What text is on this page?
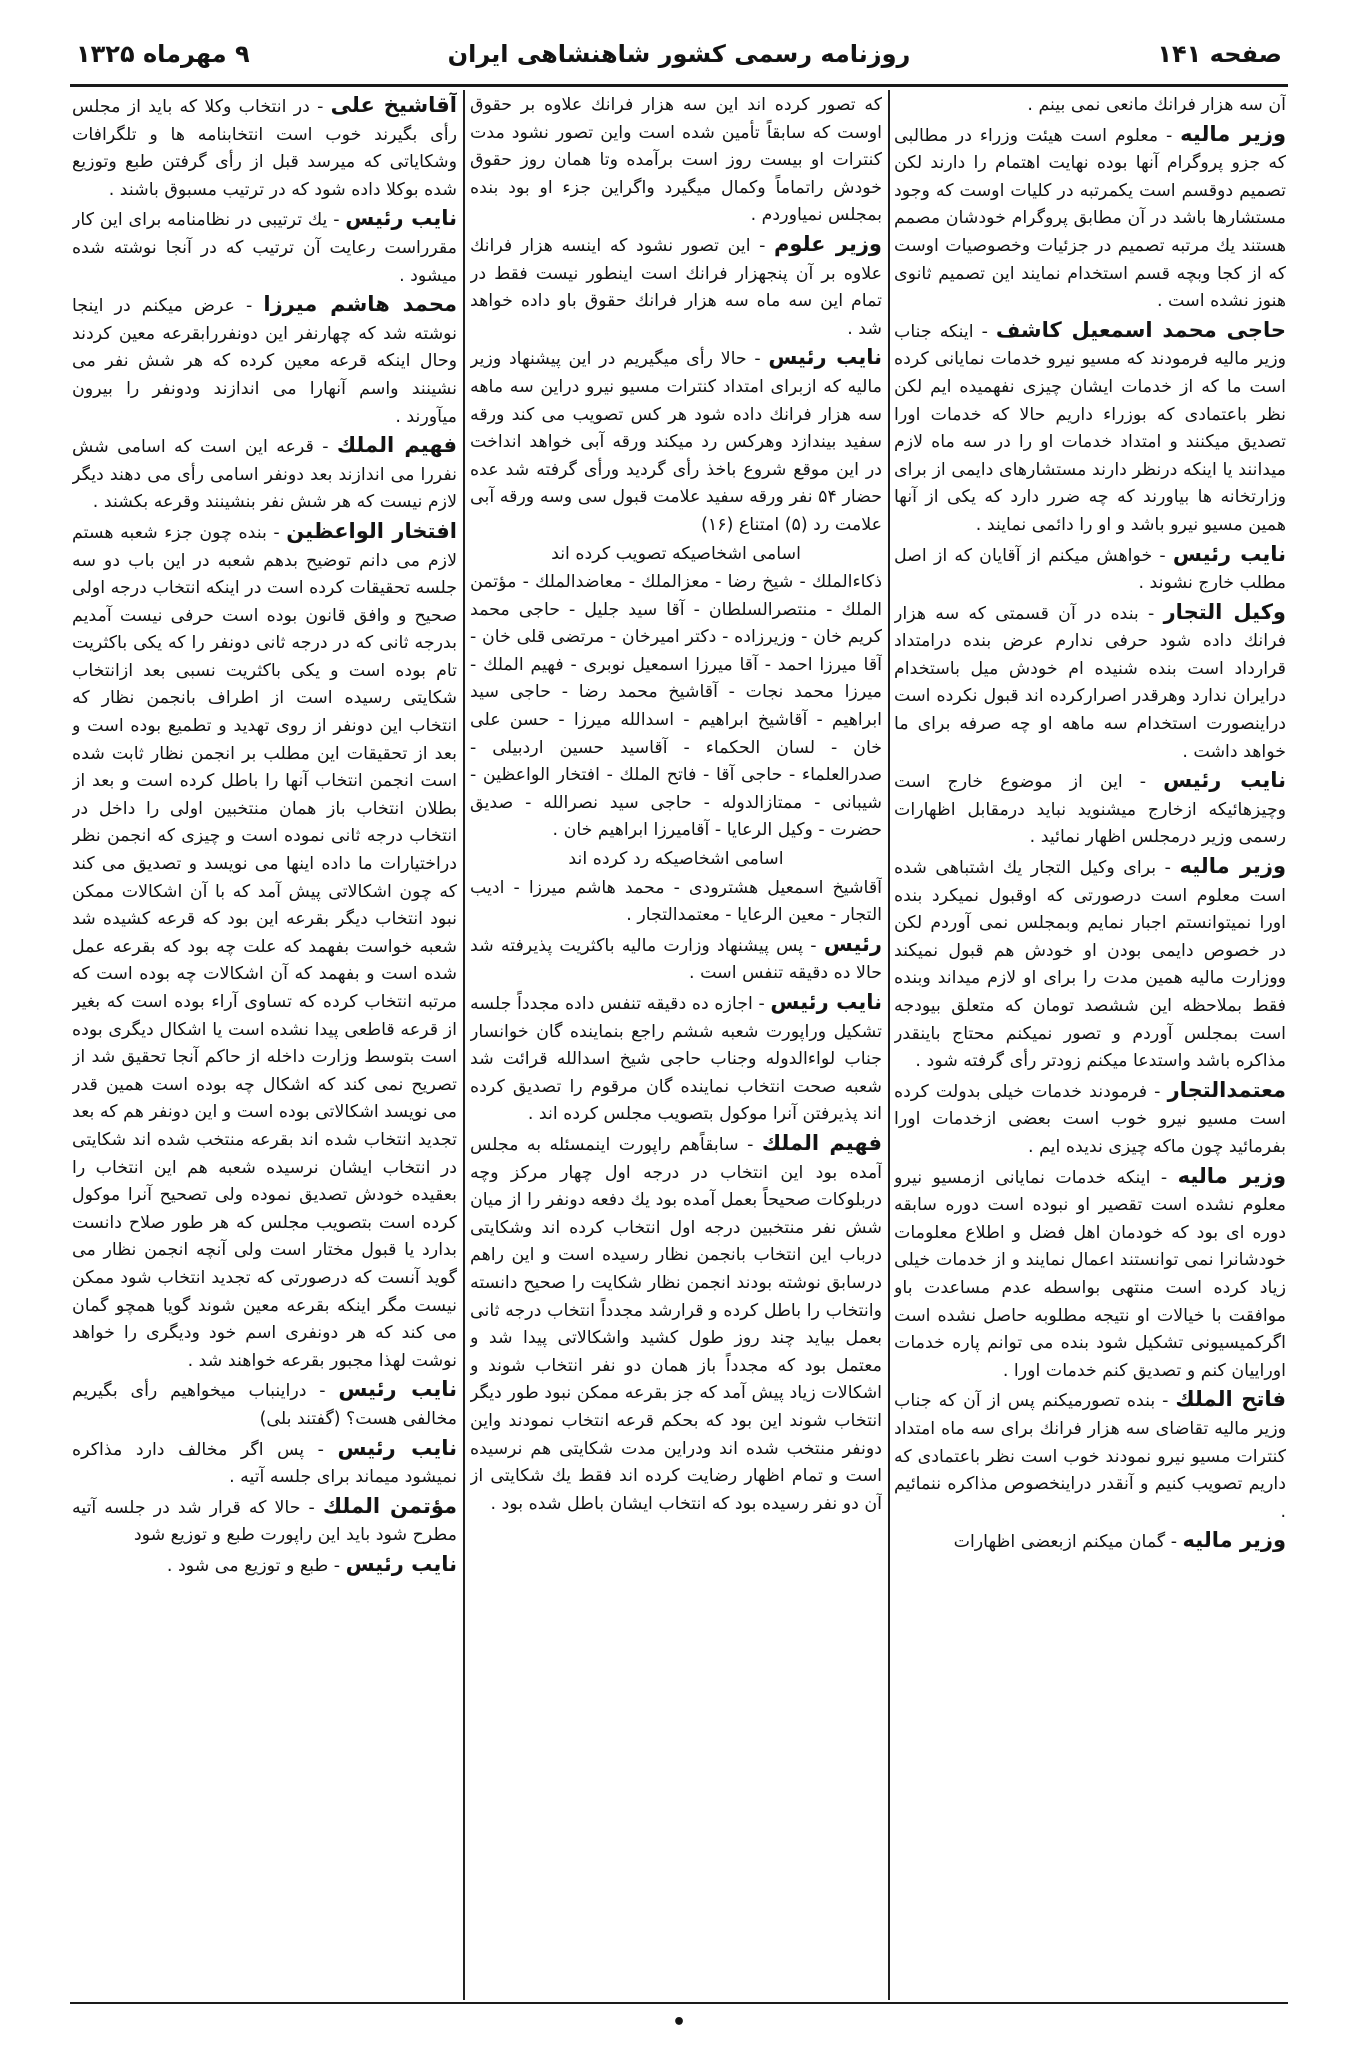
۹ مهرماه ۱۳۲۵	روزنامه رسمی کشور شاهنشاهی ایران	صفحه ۱۴۱

آن سه هزار فرانك مانعی نمی بینم .

وزیر مالیه - معلوم است هیئت وزراء در مطالبی که جزو پروگرام آنها بوده نهایت اهتمام را دارند لکن تصمیم دوقسم است یکمرتبه در کلیات اوست که وجود مستشارها باشد در آن مطابق پروگرام خودشان مصمم هستند یك مرتبه تصمیم در جزئیات وخصوصیات اوست که از کجا وبچه قسم استخدام نمایند این تصمیم ثانوی هنوز نشده است .

حاجی محمد اسمعیل کاشف - اینکه جناب وزیر مالیه فرمودند که مسیو نیرو خدمات نمایانی کرده است ما که از خدمات ایشان چیزی نفهمیده ایم لکن نظر باعتمادی که بوزراء داریم حالا که خدمات اورا تصدیق میکنند و امتداد خدمات او را در سه ماه لازم میدانند یا اینکه درنظر دارند مستشارهای دایمی از برای وزارتخانه ها بیاورند که چه ضرر دارد که یکی از آنها همین مسیو نیرو باشد و او را دائمی نمایند .

نایب رئیس - خواهش میکنم از آقایان که از اصل مطلب خارج نشوند .

وکیل التجار - بنده در آن قسمتی که سه هزار فرانك داده شود حرفی ندارم عرض بنده درامتداد قرارداد است بنده شنیده ام خودش میل باستخدام درایران ندارد وهرقدر اصرارکرده اند قبول نکرده است دراینصورت استخدام سه ماهه او چه صرفه برای ما خواهد داشت .

نایب رئیس - این از موضوع خارج است وچیزهائیکه ازخارج میشنوید نباید درمقابل اظهارات رسمی وزیر درمجلس اظهار نمائید .

وزیر مالیه - برای وکیل التجار یك اشتباهی شده است معلوم است درصورتی که اوقبول نمیکرد بنده اورا نمیتوانستم اجبار نمایم وبمجلس نمی آوردم لکن در خصوص دایمی بودن او خودش هم قبول نمیکند ووزارت مالیه همین مدت را برای او لازم میداند وبنده فقط بملاحظه این ششصد تومان که متعلق بیودجه است بمجلس آوردم و تصور نمیکنم محتاج باینقدر مذاکره باشد واستدعا میکنم زودتر رأی گرفته شود .

معتمدالتجار - فرمودند خدمات خیلی بدولت کرده است مسیو نیرو خوب است بعضی ازخدمات اورا بفرمائید چون ماکه چیزی ندیده ایم .

وزیر مالیه - اینکه خدمات نمایانی ازمسیو نیرو معلوم نشده است تقصیر او نبوده است دوره سابقه دوره ای بود که خودمان اهل فضل و اطلاع معلومات خودشانرا نمی توانستند اعمال نمایند و از خدمات خیلی زیاد کرده است منتهی بواسطه عدم مساعدت باو موافقت با خیالات او نتیجه مطلوبه حاصل نشده است اگرکمیسیونی تشکیل شود بنده می توانم پاره خدمات اوراییان کنم و تصدیق کنم خدمات اورا .

فاتح الملك - بنده تصورمیکنم پس از آن که جناب وزیر مالیه تقاضای سه هزار فرانك برای سه ماه امتداد کنترات مسیو نیرو نمودند خوب است نظر باعتمادی که داریم تصویب کنیم و آنقدر دراینخصوص مذاکره ننمائیم .

وزیر مالیه - گمان میکنم ازبعضی اظهارات

که تصور کرده اند این سه هزار فرانك علاوه بر حقوق اوست که سابقاً تأمین شده است واین تصور نشود مدت کنترات او بیست روز است برآمده وتا همان روز حقوق خودش راتماماً وکمال میگیرد واگراین جزء او بود بنده بمجلس نمیاوردم .

وزیر علوم - این تصور نشود که اینسه هزار فرانك علاوه بر آن پنجهزار فرانك است اینطور نیست فقط در تمام این سه ماه سه هزار فرانك حقوق باو داده خواهد شد .

نایب رئیس - حالا رأی میگیریم در این پیشنهاد وزیر مالیه که ازبرای امتداد کنترات مسیو نیرو دراین سه ماهه سه هزار فرانك داده شود هر کس تصویب می کند ورقه سفید بیندازد وهرکس رد میکند ورقه آبی خواهد انداخت در این موقع شروع باخذ رأی گردید ورأی گرفته شد عده حضار ۵۴ نفر ورقه سفید علامت قبول سی وسه ورقه آبی علامت رد (۵) امتناع (۱۶)

اسامی اشخاصیکه تصویب کرده اند

ذکاءالملك - شیخ رضا - معزالملك - معاضدالملك - مؤتمن الملك - منتصرالسلطان - آقا سید جلیل - حاجی محمد کریم خان - وزیرزاده - دکتر امیرخان - مرتضی قلی خان - آقا میرزا احمد - آقا میرزا اسمعیل نوبری - فهیم الملك - میرزا محمد نجات - آقاشیخ محمد رضا - حاجی سید ابراهیم - آقاشیخ ابراهیم - اسدالله میرزا - حسن علی خان - لسان الحکماء - آقاسید حسین اردبیلی - صدرالعلماء - حاجی آقا - فاتح الملك - افتخار الواعظین - شیبانی - ممتازالدوله - حاجی سید نصرالله - صدیق حضرت - وکیل الرعایا - آقامیرزا ابراهیم خان .

اسامی اشخاصیکه رد کرده اند

آقاشیخ اسمعیل هشترودی - محمد هاشم میرزا - ادیب التجار - معین الرعایا - معتمدالتجار .

رئیس - پس پیشنهاد وزارت مالیه باکثریت پذیرفته شد حالا ده دقیقه تنفس است .

نایب رئیس - اجازه ده دقیقه تنفس داده مجدداً جلسه تشکیل وراپورت شعبه ششم راجع بنماینده گان خوانسار جناب لواءالدوله وجناب حاجی شیخ اسدالله قرائت شد شعبه صحت انتخاب نماینده گان مرقوم را تصدیق کرده اند پذیرفتن آنرا موکول بتصویب مجلس کرده اند .

فهیم الملك - سابقاًهم راپورت اینمسئله به مجلس آمده بود این انتخاب در درجه اول چهار مرکز وچه دربلوکات صحیحاً بعمل آمده بود یك دفعه دونفر را از میان شش نفر منتخبین درجه اول انتخاب کرده اند وشکایتی درباب این انتخاب بانجمن نظار رسیده است و این راهم درسابق نوشته بودند انجمن نظار شکایت را صحیح دانسته وانتخاب را باطل کرده و قرارشد مجدداً انتخاب درجه ثانی بعمل بیاید چند روز طول کشید واشکالاتی پیدا شد و معتمل بود که مجدداً باز همان دو نفر انتخاب شوند و اشکالات زیاد پیش آمد که جز بقرعه ممکن نبود طور دیگر انتخاب شوند این بود که بحکم قرعه انتخاب نمودند واین دونفر منتخب شده اند ودراین مدت شکایتی هم نرسیده است و تمام اظهار رضایت کرده اند فقط یك شکایتی از آن دو نفر رسیده بود که انتخاب ایشان باطل شده بود .

آقاشیخ علی - در انتخاب وکلا که باید از مجلس رأی بگیرند خوب است انتخابنامه ها و تلگرافات وشکایاتی که میرسد قبل از رأی گرفتن طبع وتوزیع شده بوکلا داده شود که در ترتیب مسبوق باشند .

نایب رئیس - یك ترتیبی در نظامنامه برای این کار مقرراست رعایت آن ترتیب که در آنجا نوشته شده میشود .

محمد هاشم میرزا - عرض میکنم در اینجا نوشته شد که چهارنفر این دونفررابقرعه معین کردند وحال اینکه قرعه معین کرده که هر شش نفر می نشینند واسم آنهارا می اندازند ودونفر را بیرون میآورند .

فهیم الملك - قرعه این است که اسامی شش نفررا می اندازند بعد دونفر اسامی رأی می دهند دیگر لازم نیست که هر شش نفر بنشینند وقرعه بکشند .

افتخار الواعظین - بنده چون جزء شعبه هستم لازم می دانم توضیح بدهم شعبه در این باب دو سه جلسه تحقیقات کرده است در اینکه انتخاب درجه اولی صحیح و وافق قانون بوده است حرفی نیست آمدیم بدرجه ثانی که در درجه ثانی دونفر را که یکی باکثریت تام بوده است و یکی باکثریت نسبی بعد ازانتخاب شکایتی رسیده است از اطراف بانجمن نظار که انتخاب این دونفر از روی تهدید و تطمیع بوده است و بعد از تحقیقات این مطلب بر انجمن نظار ثابت شده است انجمن انتخاب آنها را باطل کرده است و بعد از بطلان انتخاب باز همان منتخبین اولی را داخل در انتخاب درجه ثانی نموده است و چیزی که انجمن نظر دراختیارات ما داده اینها می نویسد و تصدیق می کند که چون اشکالاتی پیش آمد که با آن اشکالات ممکن نبود انتخاب دیگر بقرعه این بود که قرعه کشیده شد شعبه خواست بفهمد که علت چه بود که بقرعه عمل شده است و بفهمد که آن اشکالات چه بوده است که مرتبه انتخاب کرده که تساوی آراء بوده است که بغیر از قرعه قاطعی پیدا نشده است یا اشکال دیگری بوده است بتوسط وزارت داخله از حاکم آنجا تحقیق شد از تصریح نمی کند که اشکال چه بوده است همین قدر می نویسد اشکالاتی بوده است و این دونفر هم که بعد تجدید انتخاب شده اند بقرعه منتخب شده اند شکایتی در انتخاب ایشان نرسیده شعبه هم این انتخاب را بعقیده خودش تصدیق نموده ولی تصحیح آنرا موکول کرده است بتصویب مجلس که هر طور صلاح دانست بدارد یا قبول مختار است ولی آنچه انجمن نظار می گوید آنست که درصورتی که تجدید انتخاب شود ممکن نیست مگر اینکه بقرعه معین شوند گویا همچو گمان می کند که هر دونفری اسم خود ودیگری را خواهد نوشت لهذا مجبور بقرعه خواهند شد .

نایب رئیس - دراینباب میخواهیم رأی بگیریم مخالفی هست؟ (گفتند بلی)

نایب رئیس - پس اگر مخالف دارد مذاکره نمیشود میماند برای جلسه آتیه .

مؤتمن الملك - حالا که قرار شد در جلسه آتیه مطرح شود باید این راپورت طبع و توزیع شود

نایب رئیس - طبع و توزیع می شود .

•
